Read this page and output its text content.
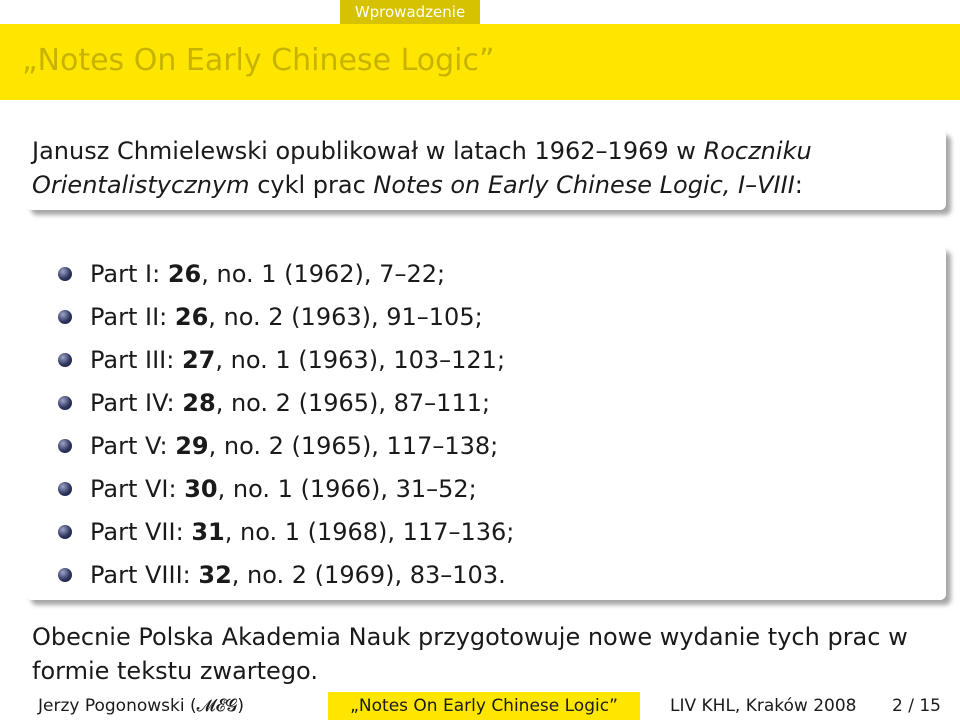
Wprowadzenie
„Notes On Early Chinese Logic”
Janusz Chmielewski opublikował w latach 1962–1969 w Roczniku Orientalistycznym cykl prac Notes on Early Chinese Logic, I–VIII:
Part I:
26 , no. 1 (1962), 7–22;
Part II:
26 , no. 2 (1963), 91–105;
Part III:
27 , no. 1 (1963), 103–121;
Part IV:
28 , no. 2 (1965), 87–111;
Part V:
29 , no. 2 (1965), 117–138;
Part VI:
30 , no. 1 (1966), 31–52;
Part VII:
31 , no. 1 (1968), 117–136;
Part VIII:
32 , no. 2 (1969), 83–103.
Obecnie Polska Akademia Nauk przygotowuje nowe wydanie tych prac w formie tekstu zwartego.
Jerzy Pogonowski (𝓜𝓔𝓖)	„Notes On Early Chinese Logic”	LIV KHL, Kraków 2008 2 / 15
